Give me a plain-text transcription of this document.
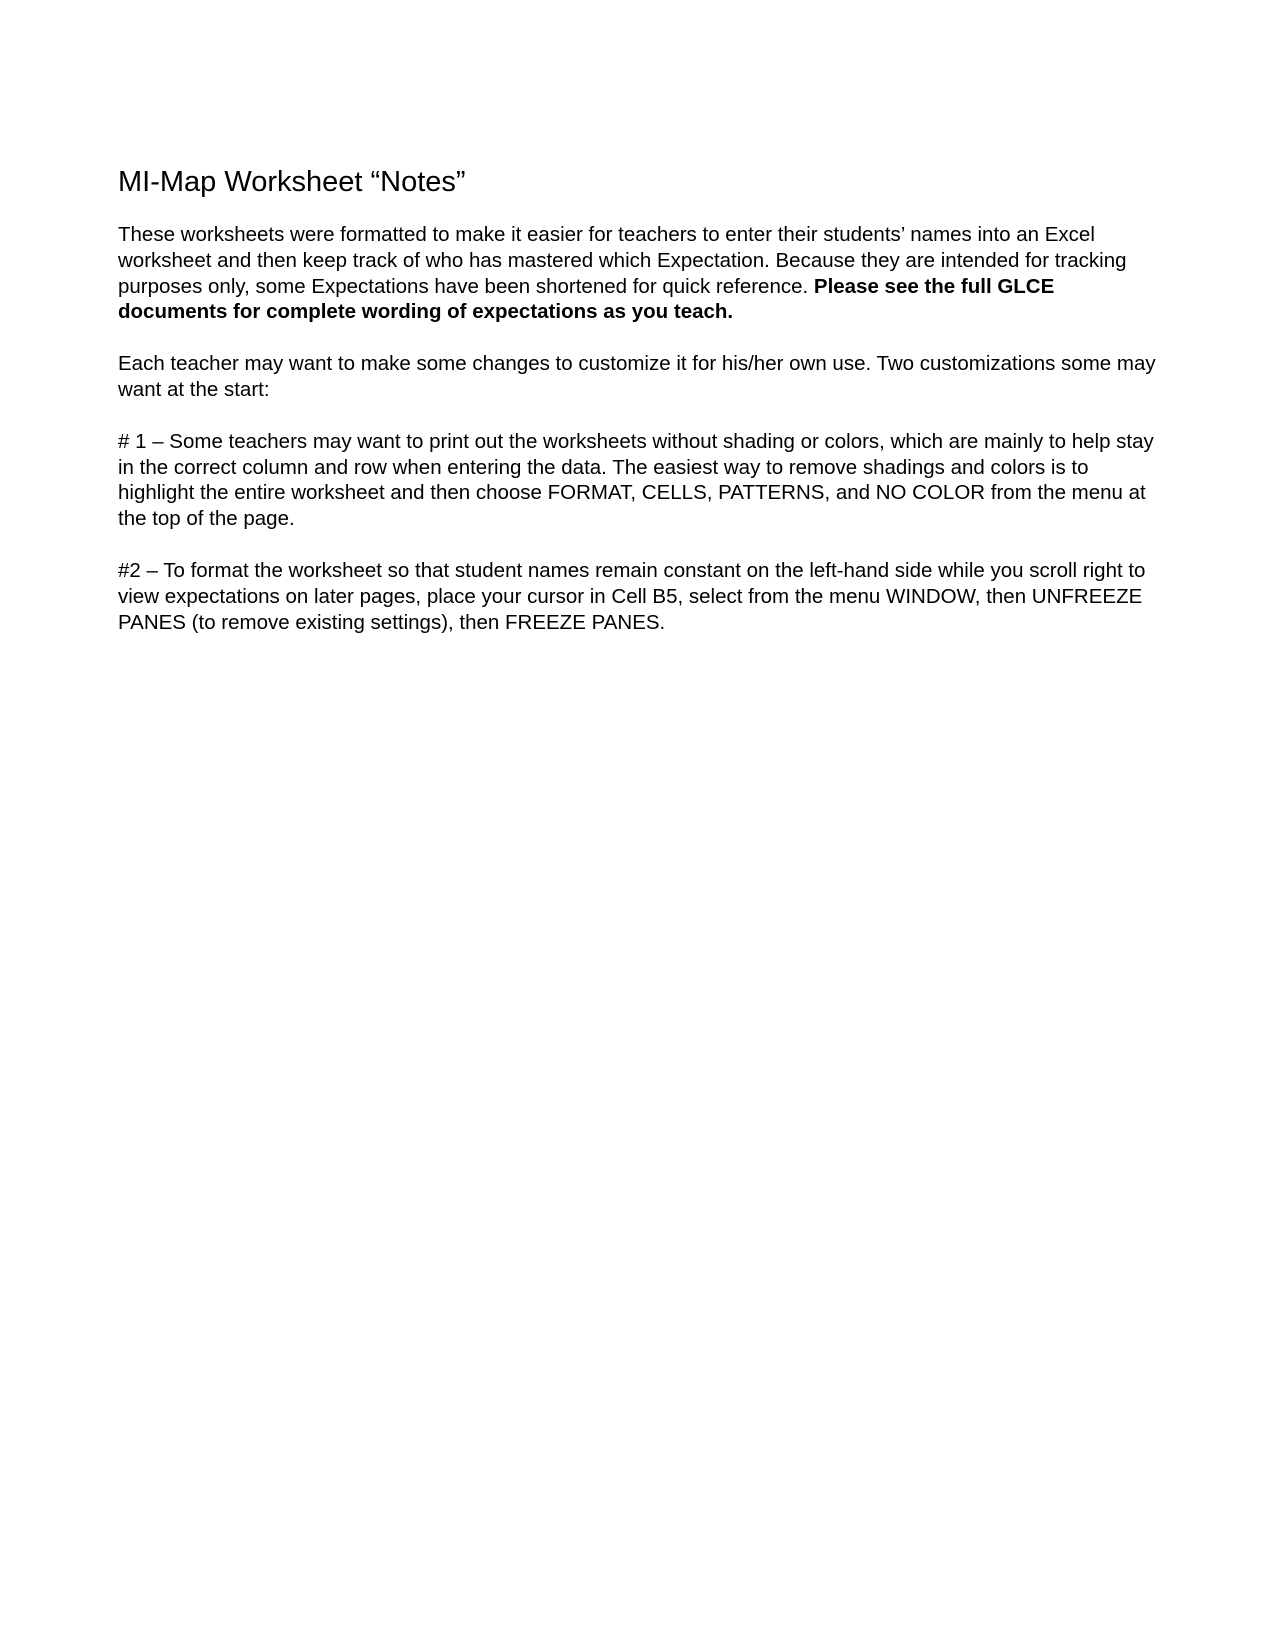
MI-Map Worksheet “Notes”

These worksheets were formatted to make it easier for teachers to enter their students’ names into an Excel worksheet and then keep track of who has mastered which Expectation. Because they are intended for tracking purposes only, some Expectations have been shortened for quick reference. Please see the full GLCE documents for complete wording of expectations as you teach.

Each teacher may want to make some changes to customize it for his/her own use. Two customizations some may want at the start:

# 1 – Some teachers may want to print out the worksheets without shading or colors, which are mainly to help stay in the correct column and row when entering the data. The easiest way to remove shadings and colors is to highlight the entire worksheet and then choose FORMAT, CELLS, PATTERNS, and NO COLOR from the menu at the top of the page.

#2 – To format the worksheet so that student names remain constant on the left-hand side while you scroll right to view expectations on later pages, place your cursor in Cell B5, select from the menu WINDOW, then UNFREEZE PANES (to remove existing settings), then FREEZE PANES.
